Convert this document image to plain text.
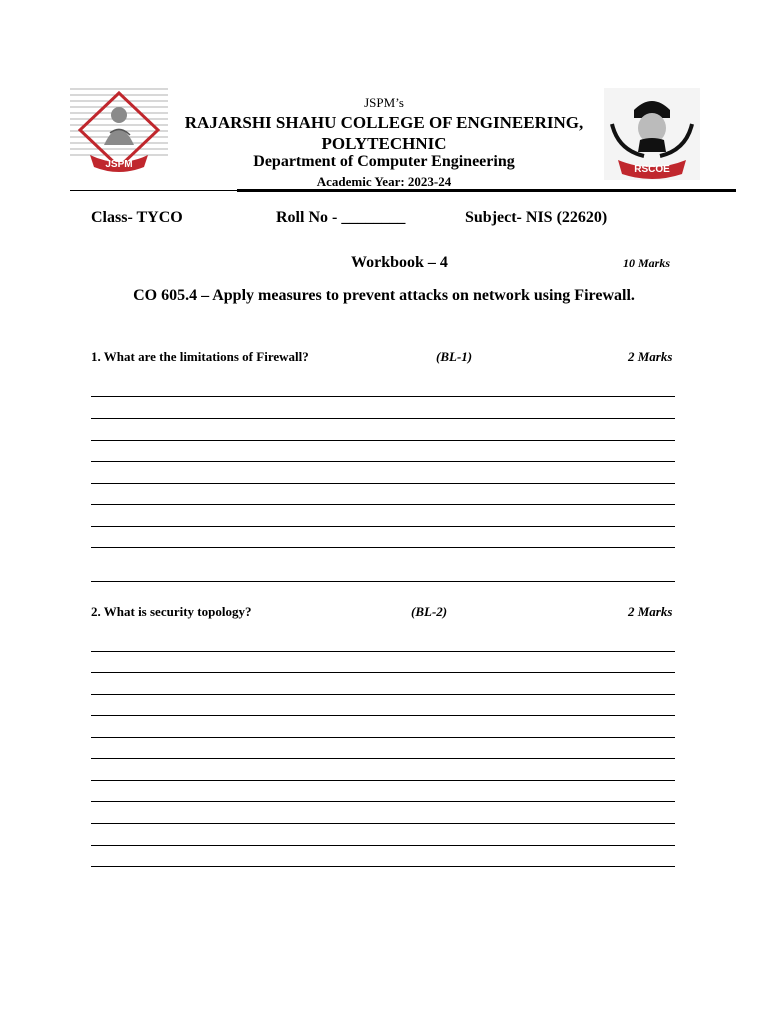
JSPM	RSCOE
JSPM’s
RAJARSHI SHAHU COLLEGE OF ENGINEERING,
POLYTECHNIC
Department of Computer Engineering
Academic Year: 2023-24
Class- TYCO	Roll No - ________	Subject- NIS (22620)
Workbook – 4	10 Marks
CO 605.4 – Apply measures to prevent attacks on network using Firewall.
1. What are the limitations of Firewall?	(BL-1)	2 Marks
2. What is security topology?	(BL-2)	2 Marks
